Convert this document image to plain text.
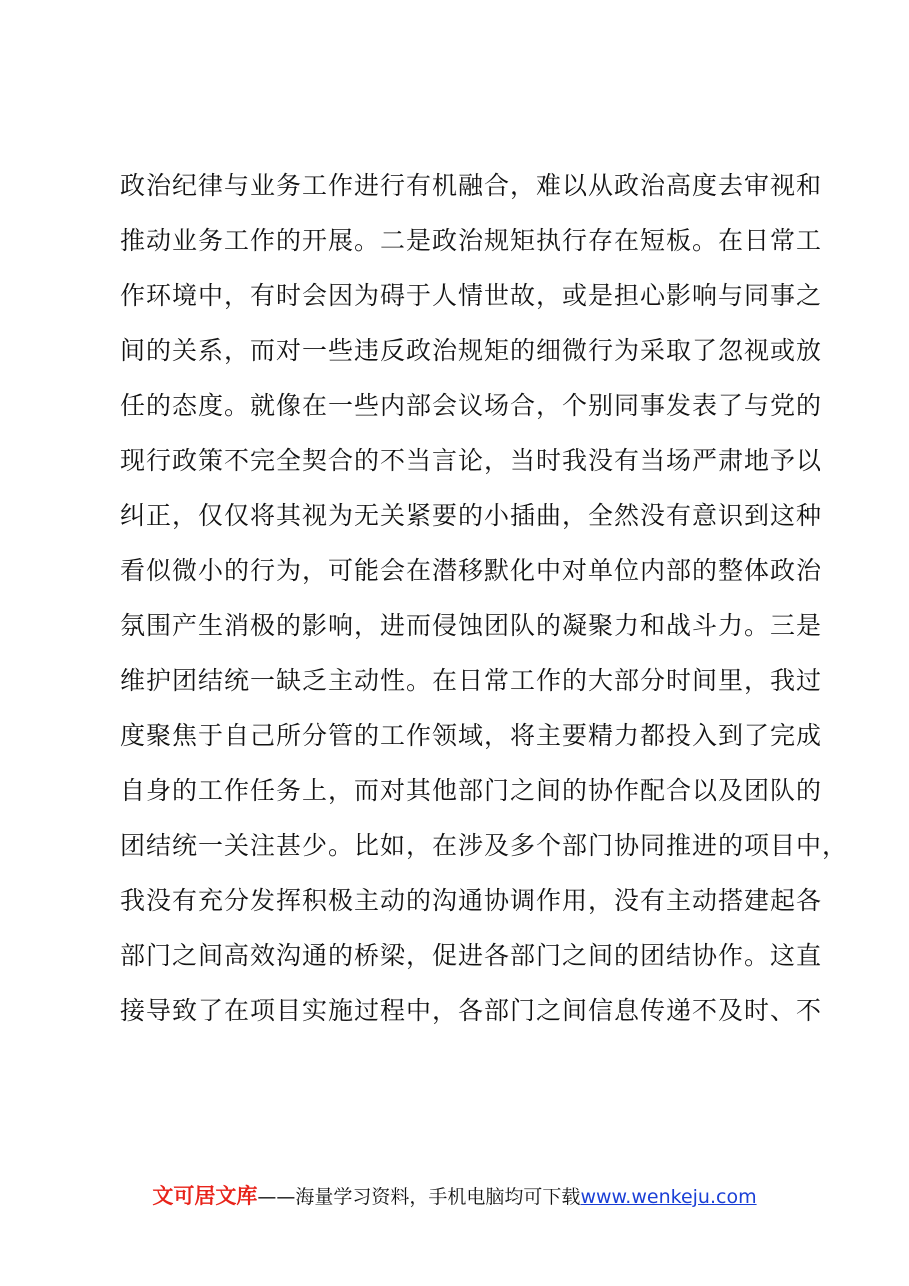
政治纪律与业务工作进行有机融合，难以从政治高度去审视和
推动业务工作的开展。二是政治规矩执行存在短板。在日常工
作环境中，有时会因为碍于人情世故，或是担心影响与同事之
间的关系，而对一些违反政治规矩的细微行为采取了忽视或放
任的态度。就像在一些内部会议场合，个别同事发表了与党的
现行政策不完全契合的不当言论，当时我没有当场严肃地予以
纠正，仅仅将其视为无关紧要的小插曲，全然没有意识到这种
看似微小的行为，可能会在潜移默化中对单位内部的整体政治
氛围产生消极的影响，进而侵蚀团队的凝聚力和战斗力。三是
维护团结统一缺乏主动性。在日常工作的大部分时间里，我过
度聚焦于自己所分管的工作领域，将主要精力都投入到了完成
自身的工作任务上，而对其他部门之间的协作配合以及团队的
团结统一关注甚少。比如，在涉及多个部门协同推进的项目中，
我没有充分发挥积极主动的沟通协调作用，没有主动搭建起各
部门之间高效沟通的桥梁，促进各部门之间的团结协作。这直
接导致了在项目实施过程中，各部门之间信息传递不及时、不
文可居文库——海量学习资料，手机电脑均可下载www.wenkeju.com
